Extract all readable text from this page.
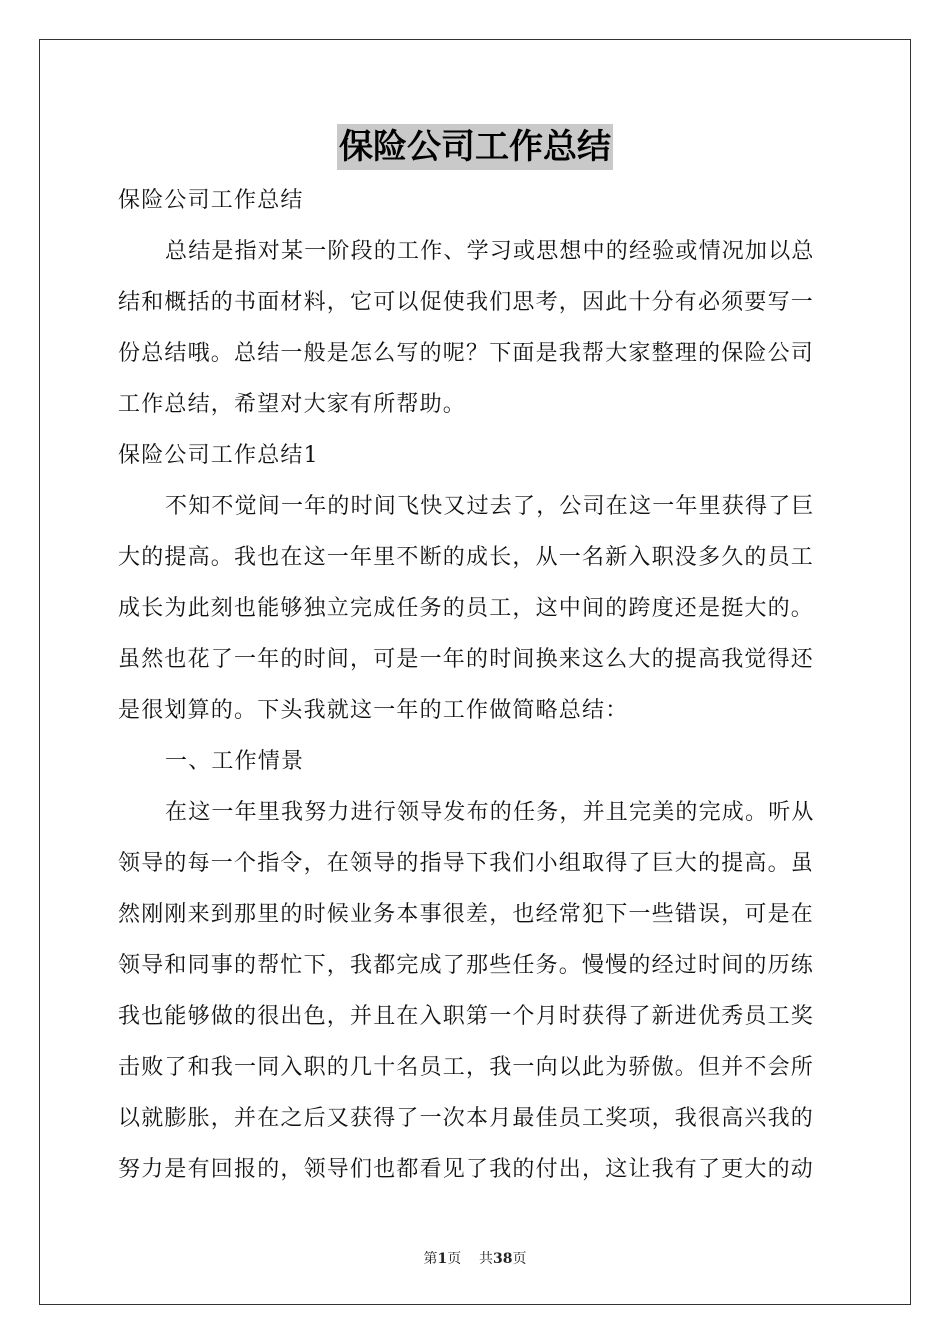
保险公司工作总结
保险公司工作总结
总结是指对某一阶段的工作、学习或思想中的经验或情况加以总
结和概括的书面材料，它可以促使我们思考，因此十分有必须要写一
份总结哦。总结一般是怎么写的呢？下面是我帮大家整理的保险公司
工作总结，希望对大家有所帮助。
保险公司工作总结1
不知不觉间一年的时间飞快又过去了，公司在这一年里获得了巨
大的提高。我也在这一年里不断的成长，从一名新入职没多久的员工
成长为此刻也能够独立完成任务的员工，这中间的跨度还是挺大的。
虽然也花了一年的时间，可是一年的时间换来这么大的提高我觉得还
是很划算的。下头我就这一年的工作做简略总结：
一、工作情景
在这一年里我努力进行领导发布的任务，并且完美的完成。听从
领导的每一个指令，在领导的指导下我们小组取得了巨大的提高。虽
然刚刚来到那里的时候业务本事很差，也经常犯下一些错误，可是在
领导和同事的帮忙下，我都完成了那些任务。慢慢的经过时间的历练
我也能够做的很出色，并且在入职第一个月时获得了新进优秀员工奖
击败了和我一同入职的几十名员工，我一向以此为骄傲。但并不会所
以就膨胀，并在之后又获得了一次本月最佳员工奖项，我很高兴我的
努力是有回报的，领导们也都看见了我的付出，这让我有了更大的动
第1页 共38页
